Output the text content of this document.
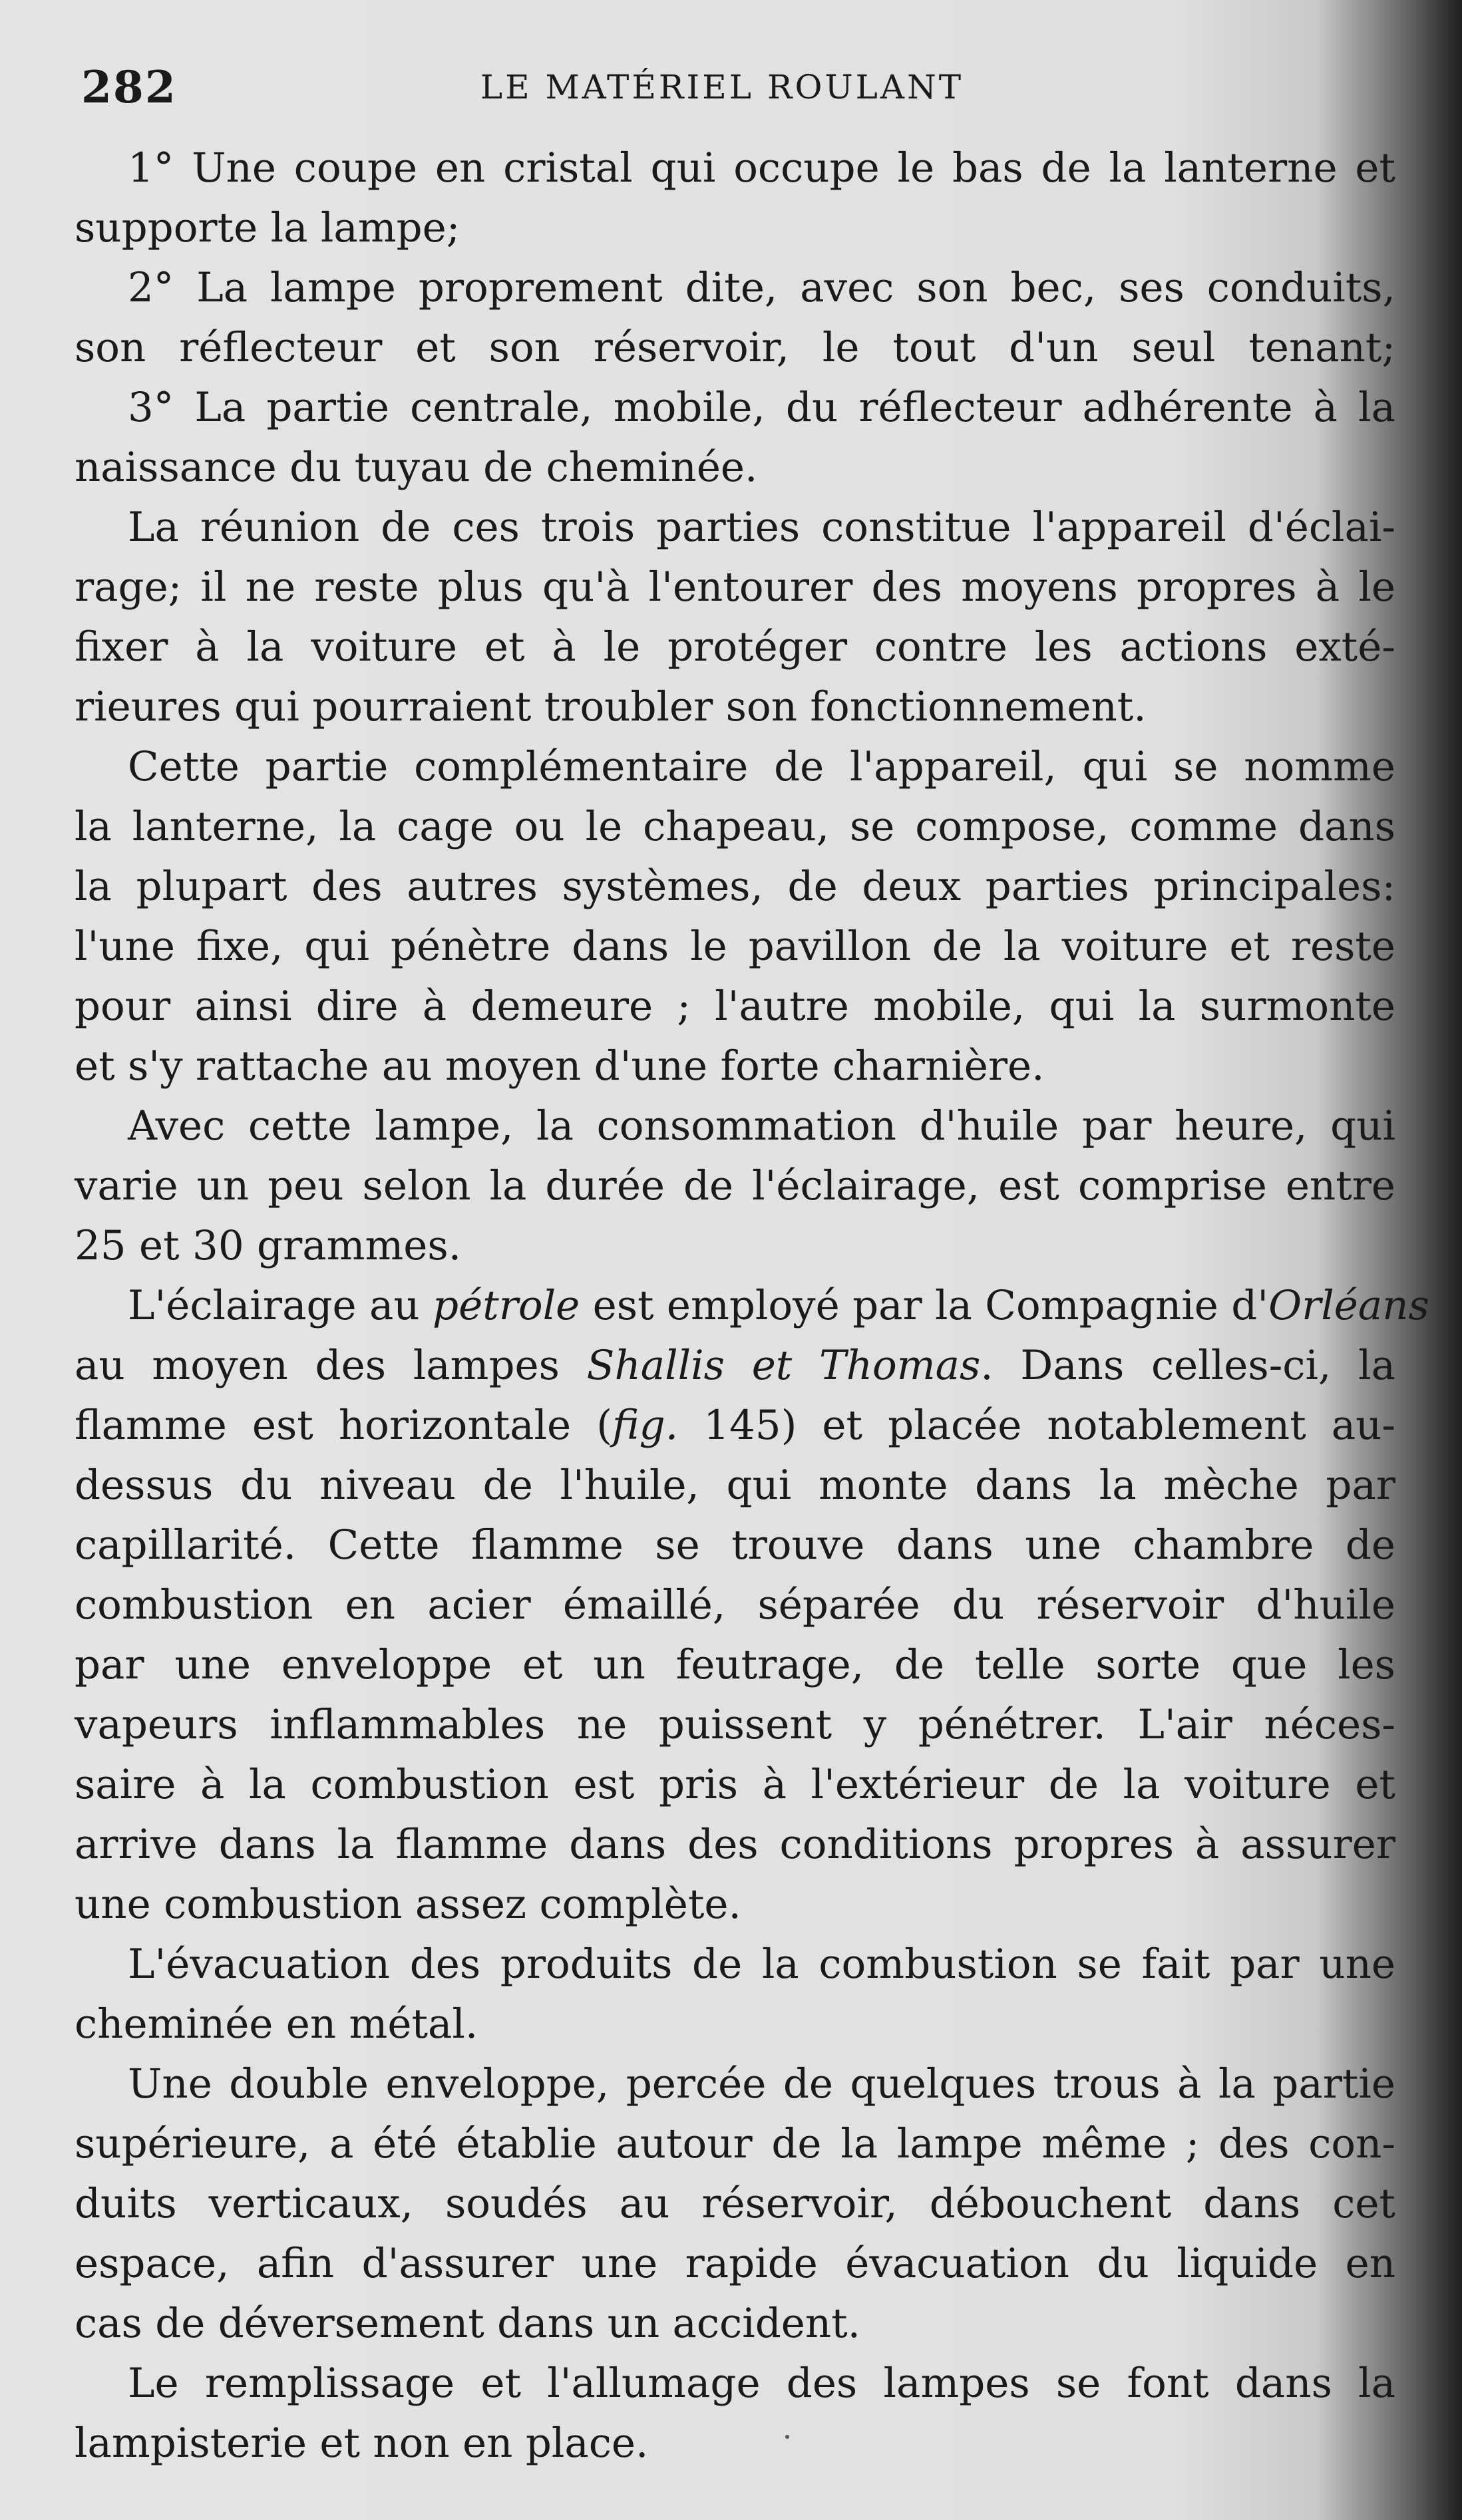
282	LE MATÉRIEL ROULANT
1° Une coupe en cristal qui occupe le bas de la lanterne et
supporte la lampe;
2° La lampe proprement dite, avec son bec, ses conduits,
son réflecteur et son réservoir, le tout d'un seul tenant;
3° La partie centrale, mobile, du réflecteur adhérente à la
naissance du tuyau de cheminée.
La réunion de ces trois parties constitue l'appareil d'éclai-
rage; il ne reste plus qu'à l'entourer des moyens propres à le
fixer à la voiture et à le protéger contre les actions exté-
rieures qui pourraient troubler son fonctionnement.
Cette partie complémentaire de l'appareil, qui se nomme
la lanterne, la cage ou le chapeau, se compose, comme dans
la plupart des autres systèmes, de deux parties principales:
l'une fixe, qui pénètre dans le pavillon de la voiture et reste
pour ainsi dire à demeure ; l'autre mobile, qui la surmonte
et s'y rattache au moyen d'une forte charnière.
Avec cette lampe, la consommation d'huile par heure, qui
varie un peu selon la durée de l'éclairage, est comprise entre
25 et 30 grammes.
L'éclairage au pétrole est employé par la Compagnie d'Orléans
au moyen des lampes Shallis et Thomas. Dans celles-ci, la
flamme est horizontale (fig. 145) et placée notablement au-
dessus du niveau de l'huile, qui monte dans la mèche par
capillarité. Cette flamme se trouve dans une chambre de
combustion en acier émaillé, séparée du réservoir d'huile
par une enveloppe et un feutrage, de telle sorte que les
vapeurs inflammables ne puissent y pénétrer. L'air néces-
saire à la combustion est pris à l'extérieur de la voiture et
arrive dans la flamme dans des conditions propres à assurer
une combustion assez complète.
L'évacuation des produits de la combustion se fait par une
cheminée en métal.
Une double enveloppe, percée de quelques trous à la partie
supérieure, a été établie autour de la lampe même ; des con-
duits verticaux, soudés au réservoir, débouchent dans cet
espace, afin d'assurer une rapide évacuation du liquide en
cas de déversement dans un accident.
Le remplissage et l'allumage des lampes se font dans la
lampisterie et non en place.
